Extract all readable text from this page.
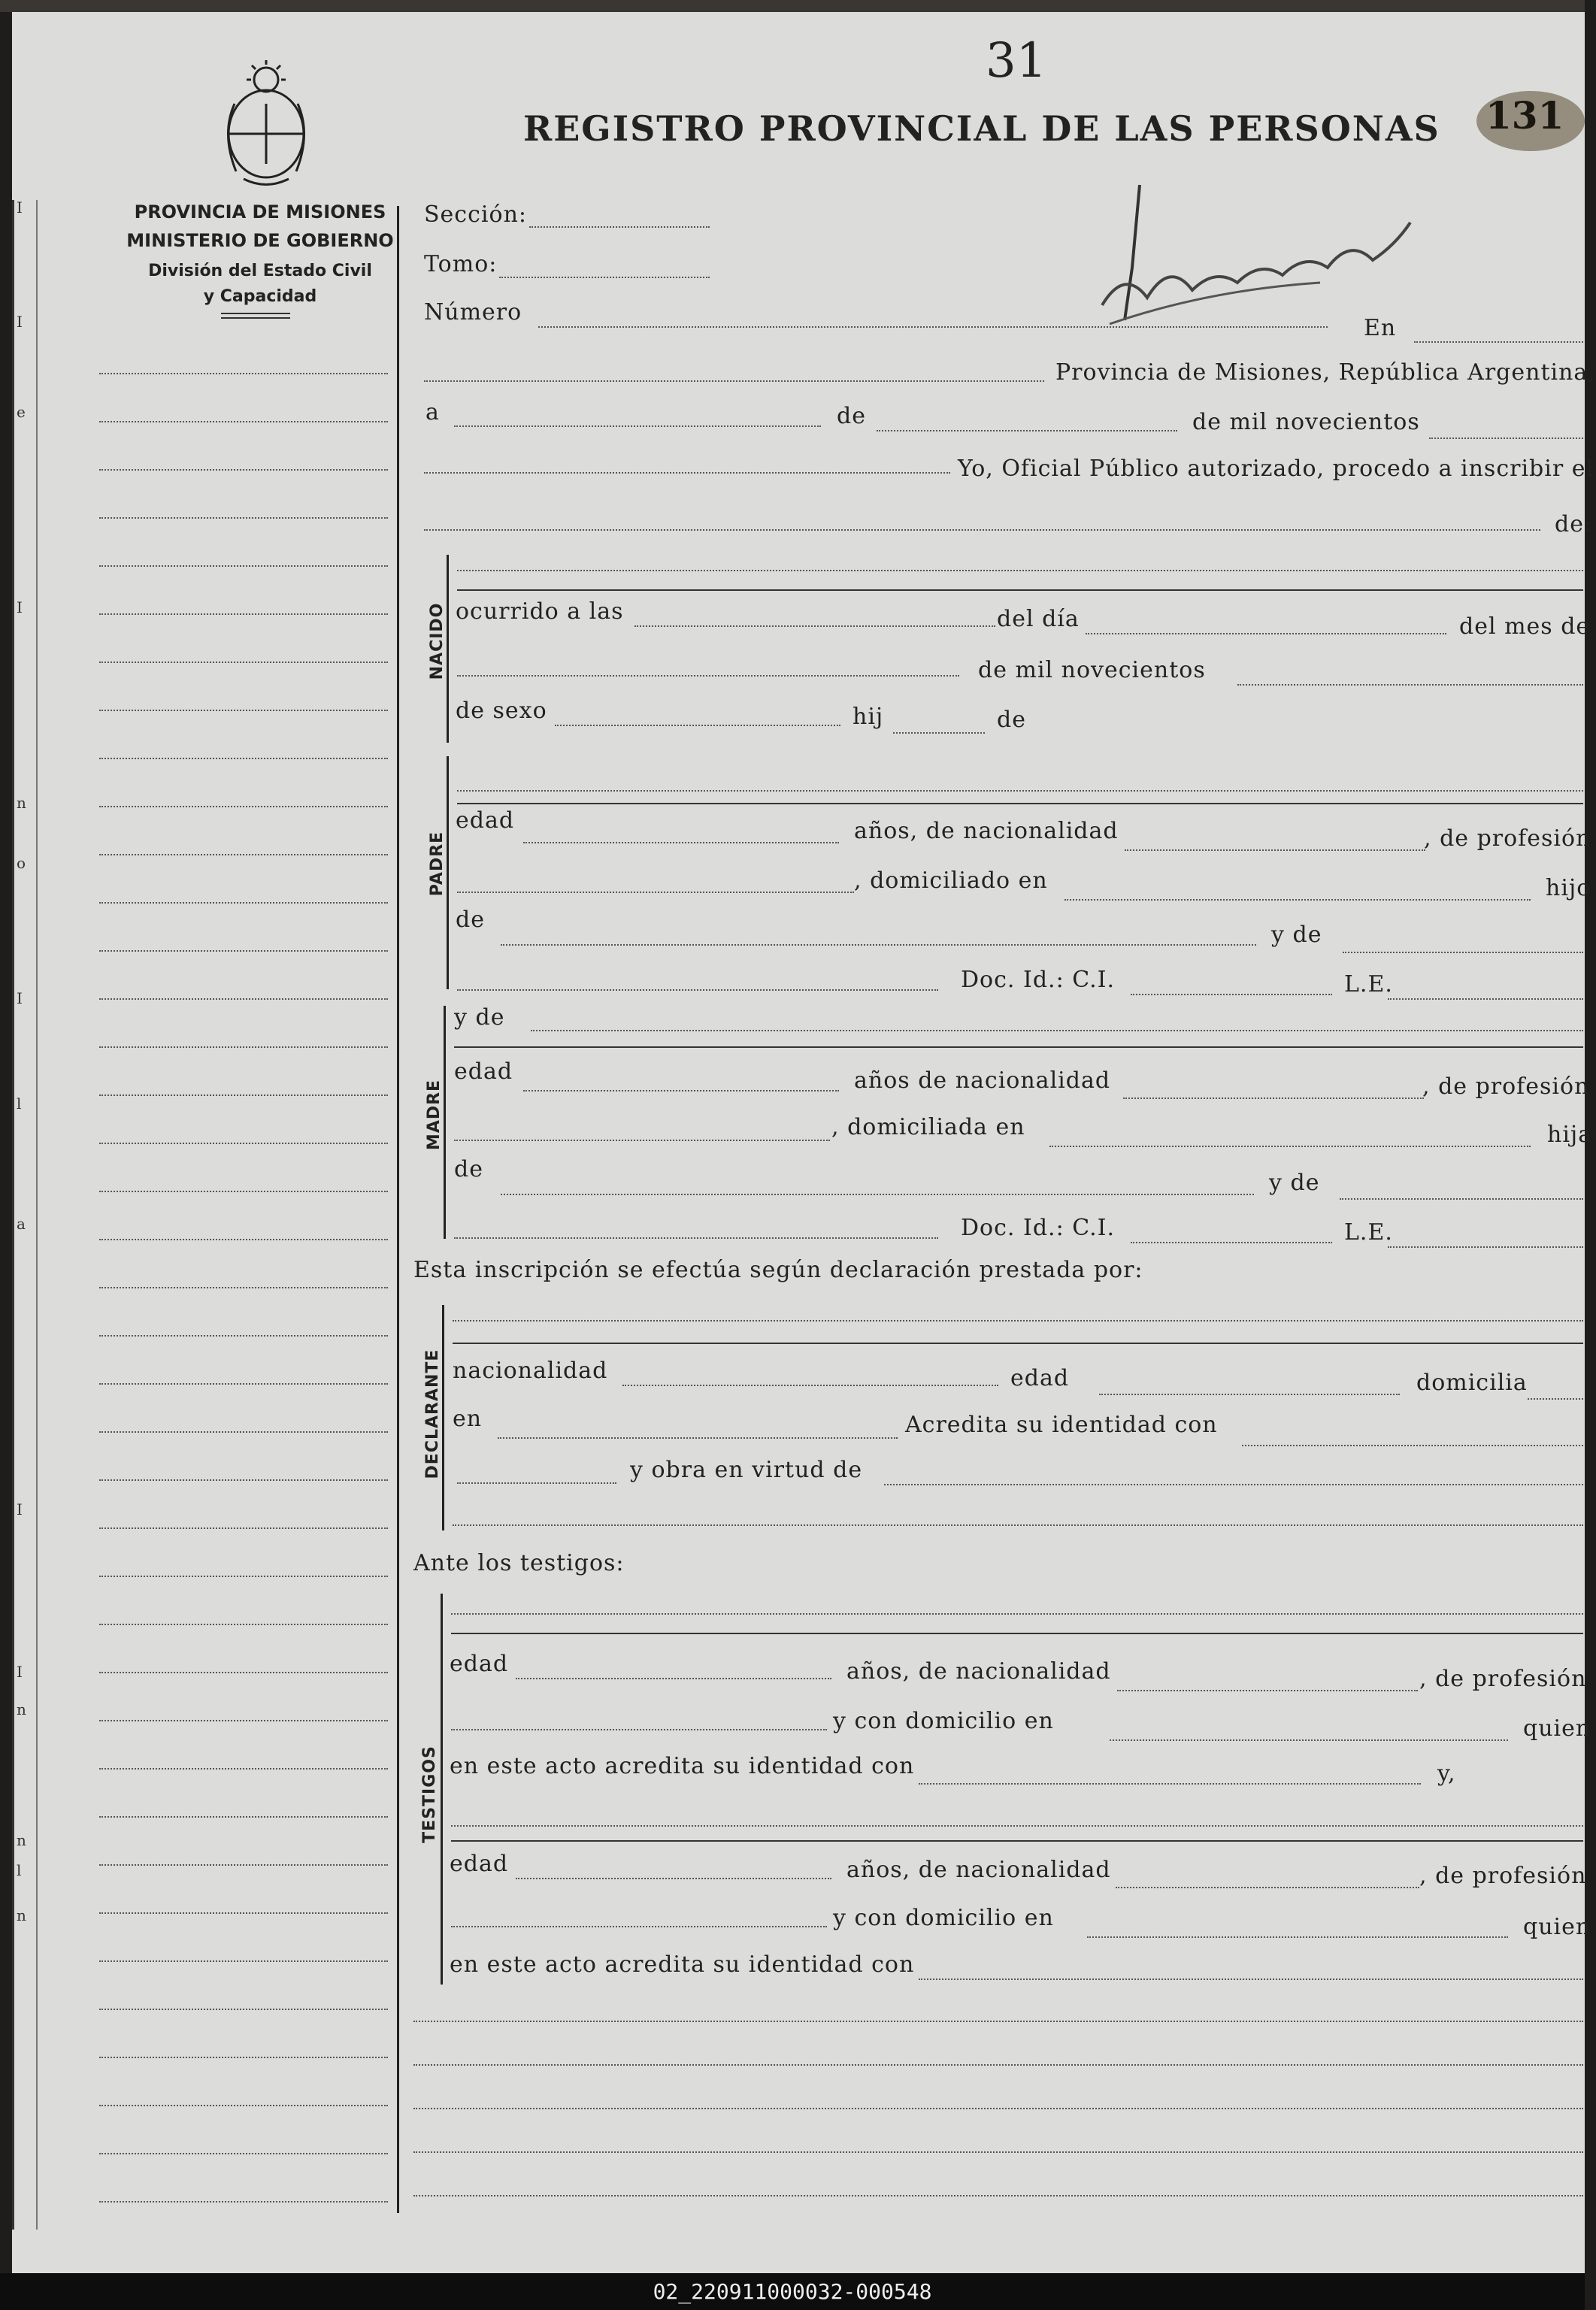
I
I
e
I
n
o
I
l
a
I
I
n
n
l
n
31
131
REGISTRO PROVINCIAL DE LAS PERSONAS
PROVINCIA DE MISIONES
MINISTERIO DE GOBIERNO
División del Estado Civil
y Capacidad
Sección:
Tomo:
Número
En
Provincia de Misiones, República Argentina,
a	de	de mil novecientos
Yo, Oficial Público autorizado, procedo a inscribir el
de:
NACIDO ocurrido a las	del día	del mes de
de mil novecientos
de sexo	hij	de
PADRE
edad	años, de nacionalidad	, de profesión
, domiciliado en	hijo
de
y de
Doc. Id.: C.I.	L.E.
MADRE
y de
edad	años de nacionalidad	, de profesión
, domiciliada en	hija
de
y de
Doc. Id.: C.I.	L.E.
Esta inscripción se efectúa según declaración prestada por:
DECLARANTE nacionalidad	edad	domicilia
en	Acredita su identidad con
y obra en virtud de
Ante los testigos:
TESTIGOS
edad	años, de nacionalidad	, de profesión
y con domicilio en	quien
en este acto acredita su identidad con	y,
edad	años, de nacionalidad	, de profesión
y con domicilio en	quien
en este acto acredita su identidad con
02_220911000032-000548
